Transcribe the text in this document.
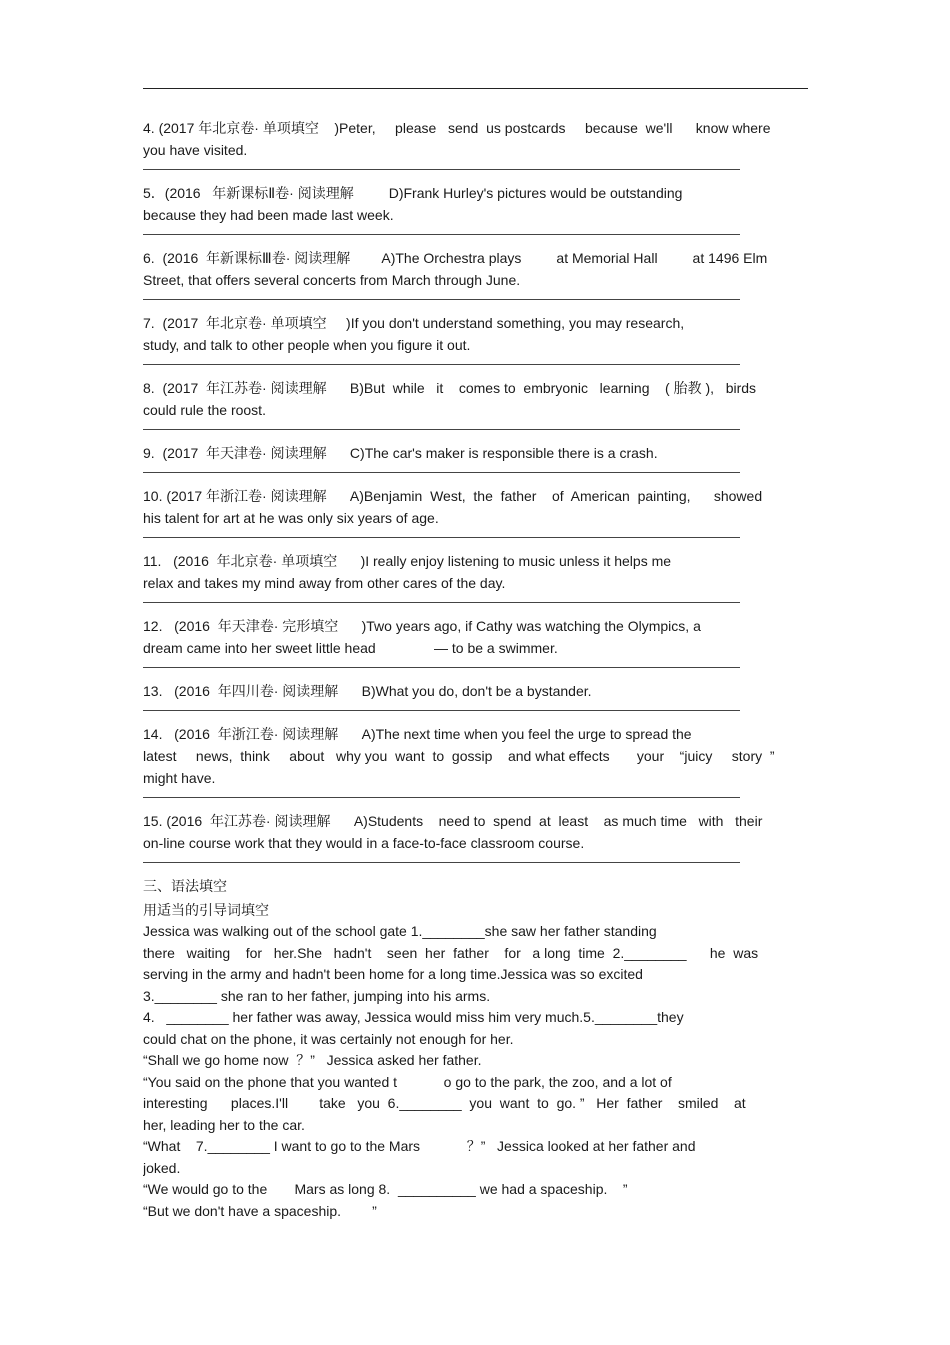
4. (2017 年北京卷· 单项填空    )Peter,     please   send  us postcards     because  we'll      know where
you have visited.
5．(2016   年新课标Ⅱ卷· 阅读理解         D)Frank Hurley's pictures would be outstanding
because they had been made last week.
6.  (2016  年新课标Ⅲ卷· 阅读理解        A)The Orchestra plays         at Memorial Hall         at 1496 Elm
Street, that offers several concerts from March through June.
7.  (2017  年北京卷· 单项填空     )If you don't understand something, you may research,
study, and talk to other people when you figure it out.
8.  (2017  年江苏卷· 阅读理解      B)But  while   it    comes to  embryonic   learning    ( 胎教 ),   birds
could rule the roost.
9.  (2017  年天津卷· 阅读理解      C)The car's maker is responsible there is a crash.
10. (2017 年浙江卷· 阅读理解      A)Benjamin  West,  the  father    of  American  painting,      showed
his talent for art at he was only six years of age.
11.   (2016  年北京卷· 单项填空      )I really enjoy listening to music unless it helps me
relax and takes my mind away from other cares of the day.
12.   (2016  年天津卷· 完形填空      )Two years ago, if Cathy was watching the Olympics, a
dream came into her sweet little head               — to be a swimmer.
13.   (2016  年四川卷· 阅读理解      B)What you do, don't be a bystander.
14.   (2016  年浙江卷· 阅读理解      A)The next time when you feel the urge to spread the
latest     news,  think     about   why you  want  to  gossip    and what effects       your    “juicy     story  ”
might have.
15. (2016  年江苏卷· 阅读理解      A)Students    need to  spend  at  least    as much time   with   their
on-line course work that they would in a face-to-face classroom course.
三、语法填空
用适当的引导词填空
Jessica was walking out of the school gate 1.________she saw her father standing
there   waiting    for   her.She   hadn't    seen  her  father    for   a long  time  2.________      he  was
serving in the army and hadn't been home for a long time.Jessica was so excited
3.________ she ran to her father, jumping into his arms.
4.   ________ her father was away, Jessica would miss him very much.5.________they
could chat on the phone, it was certainly not enough for her.
“Shall we go home now  ？”   Jessica asked her father.
“You said on the phone that you wanted t            o go to the park, the zoo, and a lot of
interesting      places.I'll        take   you  6.________  you  want  to  go. ”   Her  father    smiled    at
her, leading her to the car.
“What    7.________ I want to go to the Mars            ？”   Jessica looked at her father and
joked.
“We would go to the       Mars as long 8.  __________ we had a spaceship.    ”
“But we don't have a spaceship.        ”
